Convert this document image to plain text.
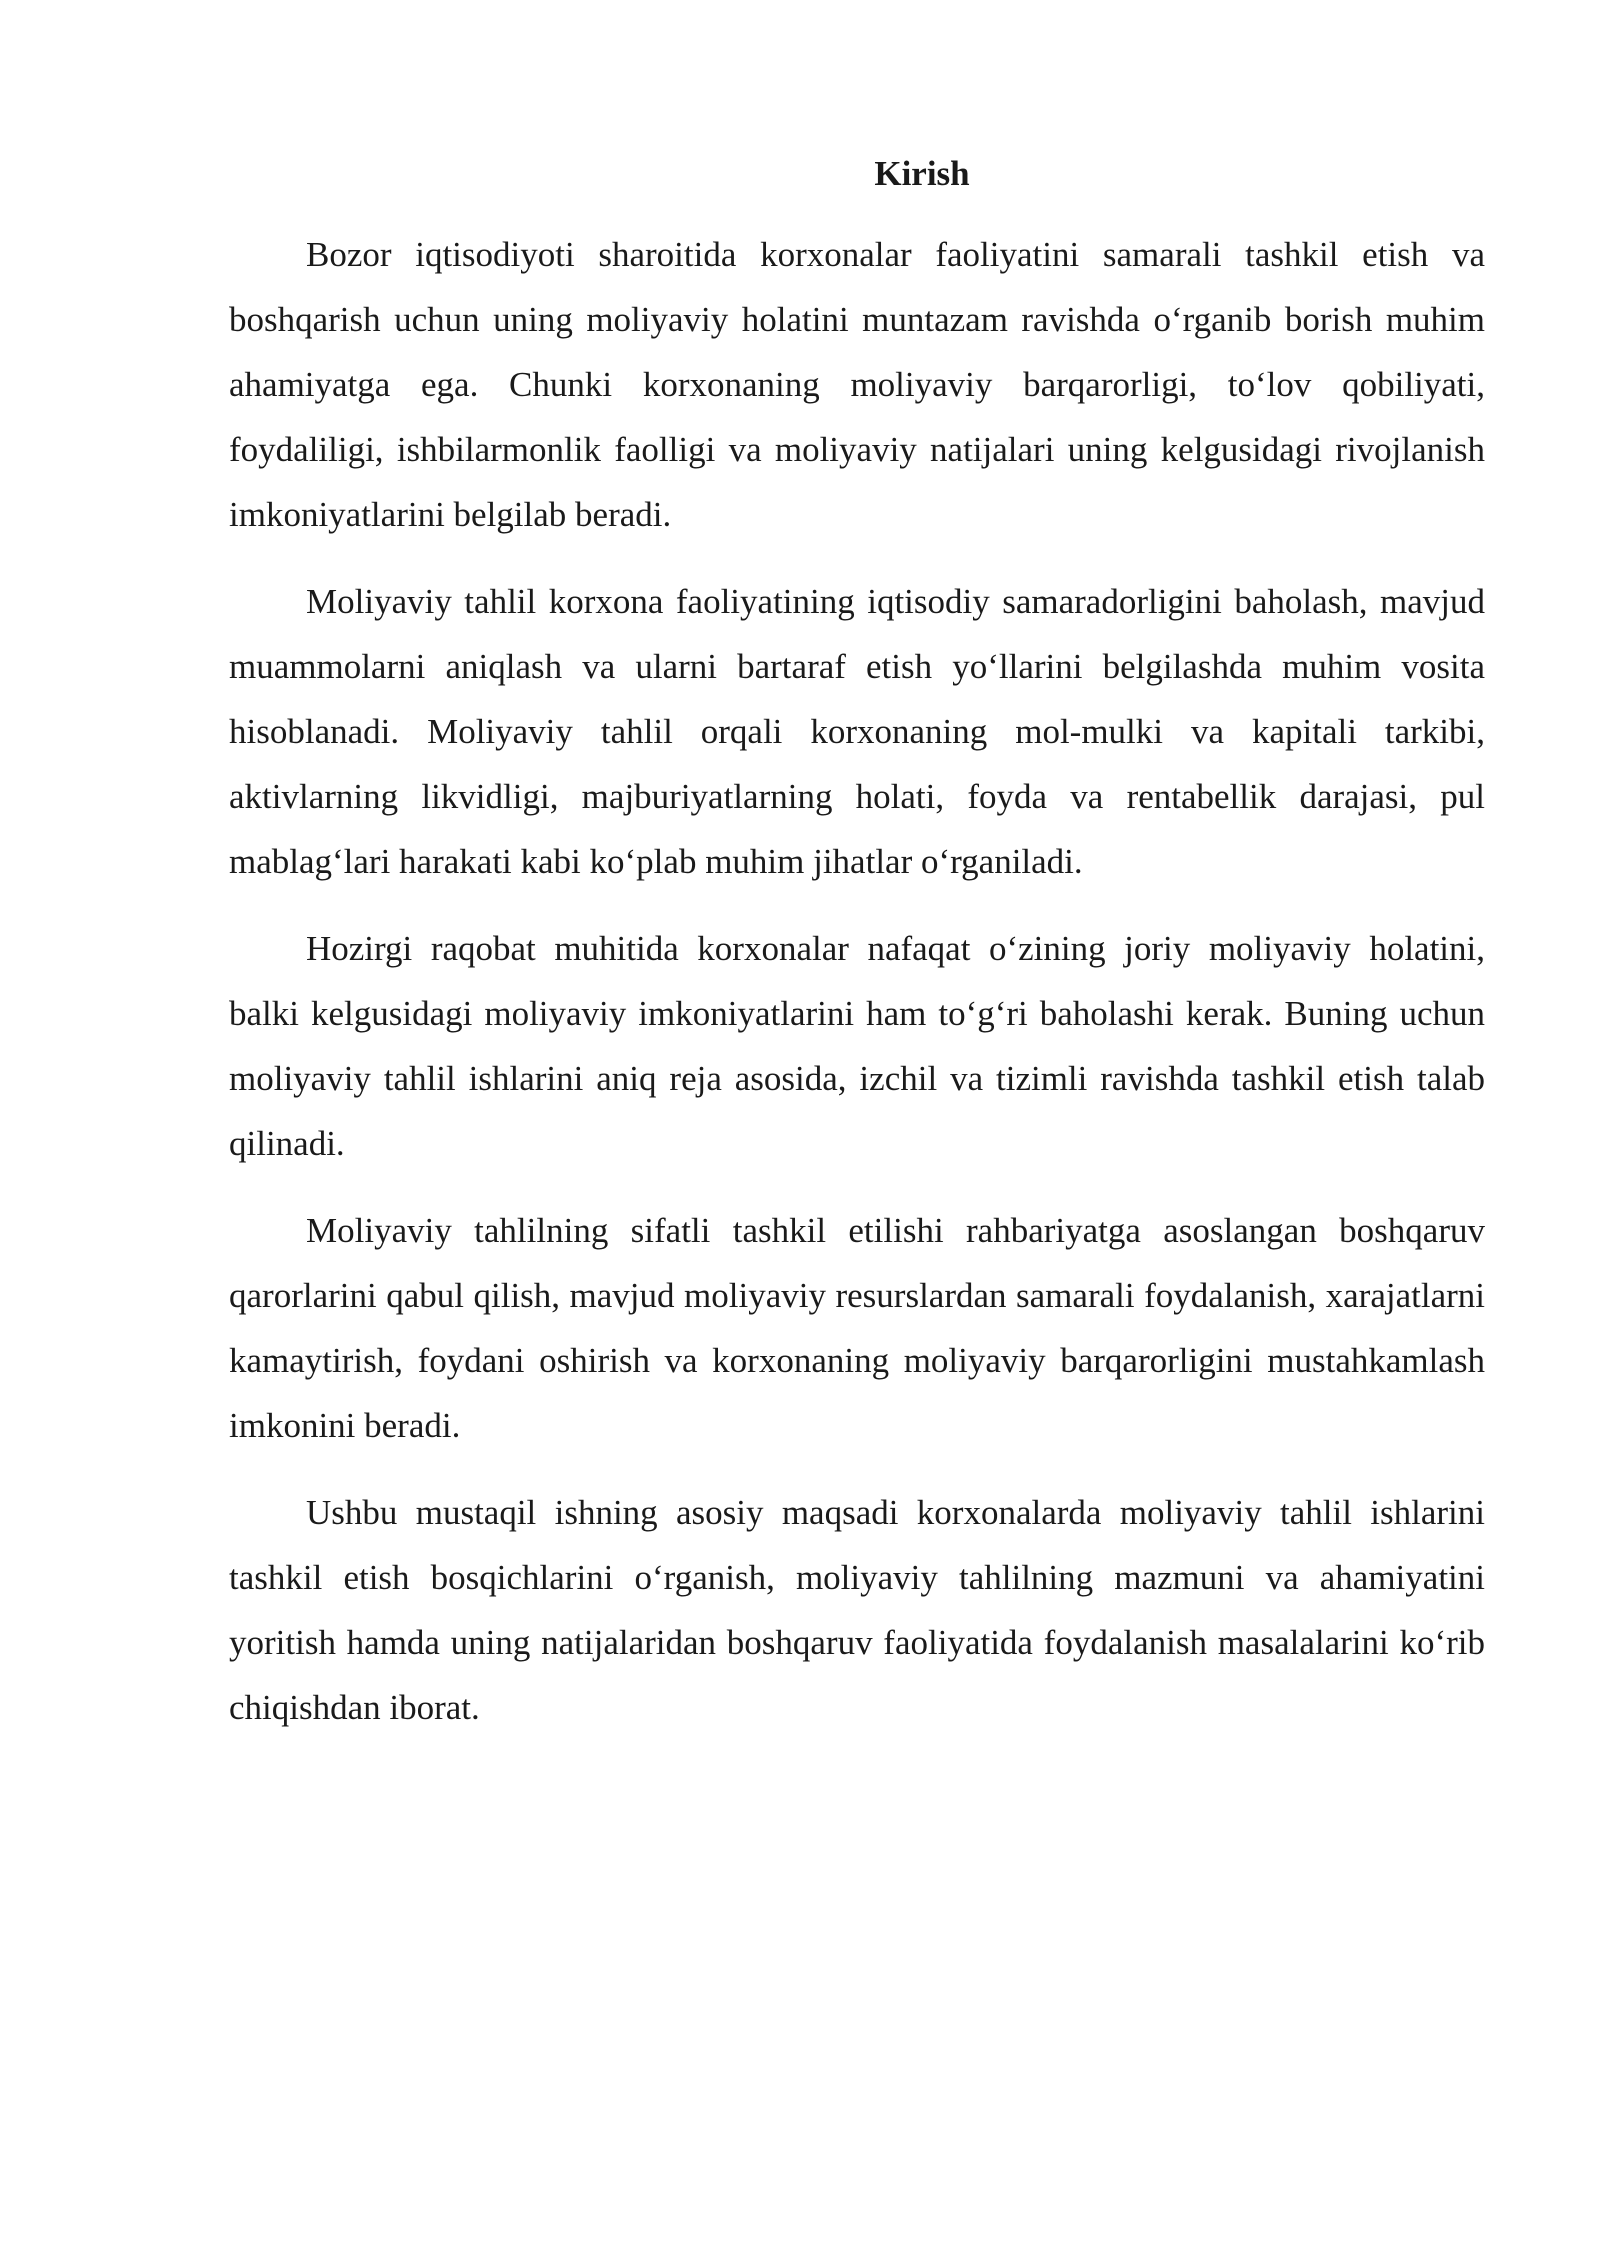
Kirish

Bozor iqtisodiyoti sharoitida korxonalar faoliyatini samarali tashkil etish va boshqarish uchun uning moliyaviy holatini muntazam ravishda o‘rganib borish muhim ahamiyatga ega. Chunki korxonaning moliyaviy barqarorligi, to‘lov qobiliyati, foydaliligi, ishbilarmonlik faolligi va moliyaviy natijalari uning kelgusidagi rivojlanish imkoniyatlarini belgilab beradi.

Moliyaviy tahlil korxona faoliyatining iqtisodiy samaradorligini baholash, mavjud muammolarni aniqlash va ularni bartaraf etish yo‘llarini belgilashda muhim vosita hisoblanadi. Moliyaviy tahlil orqali korxonaning mol-mulki va kapitali tarkibi, aktivlarning likvidligi, majburiyatlarning holati, foyda va rentabellik darajasi, pul mablag‘lari harakati kabi ko‘plab muhim jihatlar o‘rganiladi.

Hozirgi raqobat muhitida korxonalar nafaqat o‘zining joriy moliyaviy holatini, balki kelgusidagi moliyaviy imkoniyatlarini ham to‘g‘ri baholashi kerak. Buning uchun moliyaviy tahlil ishlarini aniq reja asosida, izchil va tizimli ravishda tashkil etish talab qilinadi.

Moliyaviy tahlilning sifatli tashkil etilishi rahbariyatga asoslangan boshqaruv qarorlarini qabul qilish, mavjud moliyaviy resurslardan samarali foydalanish, xarajatlarni kamaytirish, foydani oshirish va korxonaning moliyaviy barqarorligini mustahkamlash imkonini beradi.

Ushbu mustaqil ishning asosiy maqsadi korxonalarda moliyaviy tahlil ishlarini tashkil etish bosqichlarini o‘rganish, moliyaviy tahlilning mazmuni va ahamiyatini yoritish hamda uning natijalaridan boshqaruv faoliyatida foydalanish masalalarini ko‘rib chiqishdan iborat.
